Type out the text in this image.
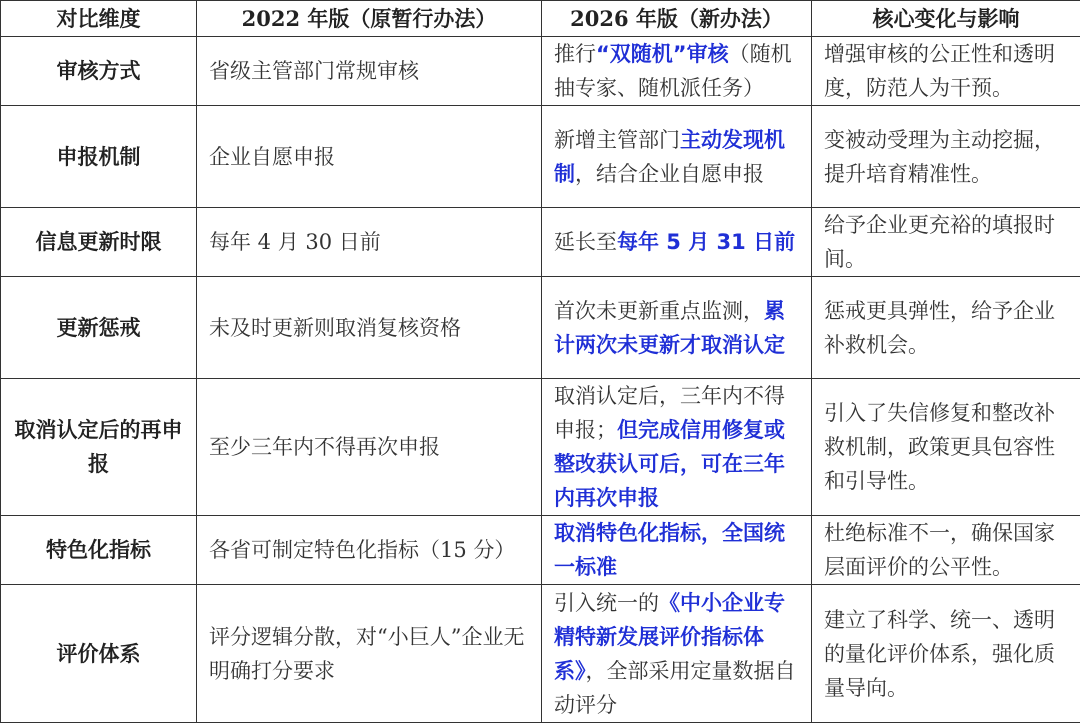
对比维度	2022 年版（原暂行办法）	2026 年版（新办法）	核心变化与影响
审核方式	省级主管部门常规审核	推行“双随机”审核（随机抽专家、随机派任务）	增强审核的公正性和透明度，防范人为干预。
申报机制	企业自愿申报	新增主管部门主动发现机制，结合企业自愿申报	变被动受理为主动挖掘，提升培育精准性。
信息更新时限	每年 4 月 30 日前	延长至每年 5 月 31 日前	给予企业更充裕的填报时间。
更新惩戒	未及时更新则取消复核资格	首次未更新重点监测，累计两次未更新才取消认定	惩戒更具弹性，给予企业补救机会。
取消认定后的再申报	至少三年内不得再次申报	取消认定后，三年内不得申报；但完成信用修复或整改获认可后，可在三年内再次申报	引入了失信修复和整改补救机制，政策更具包容性和引导性。
特色化指标	各省可制定特色化指标（15 分）	取消特色化指标，全国统一标准	杜绝标准不一，确保国家层面评价的公平性。
评价体系	评分逻辑分散，对“小巨人”企业无明确打分要求	引入统一的《中小企业专精特新发展评价指标体系》，全部采用定量数据自动评分	建立了科学、统一、透明的量化评价体系，强化质量导向。
